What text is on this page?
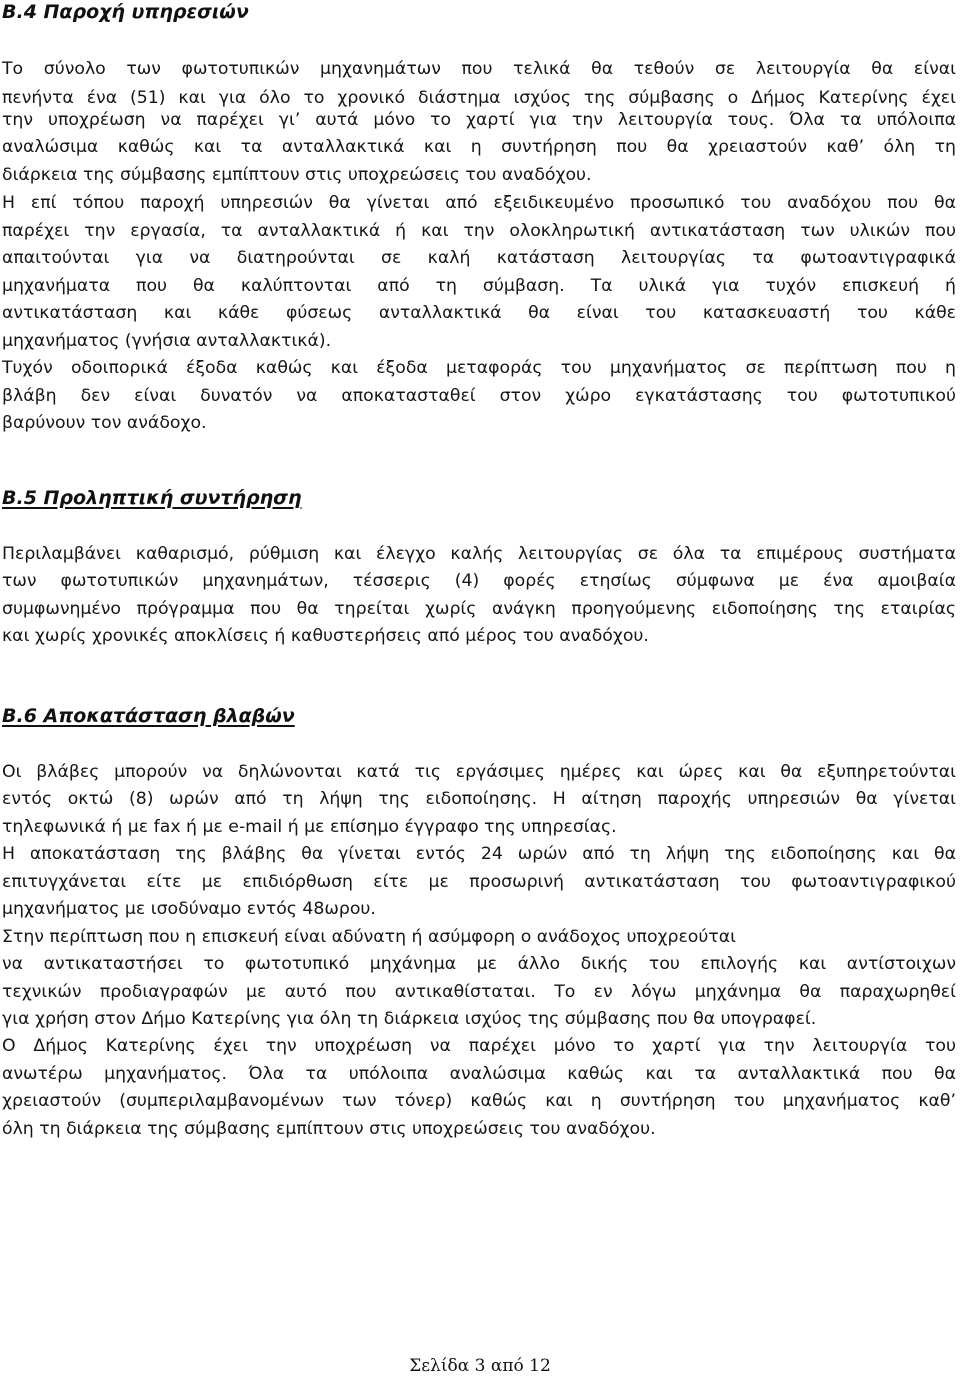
Β.4 Παροχή υπηρεσιών
Το σύνολο των φωτοτυπικών μηχανημάτων που τελικά θα τεθούν σε λειτουργία θα είναι
πενήντα ένα (51) και για όλο το χρονικό διάστημα ισχύος της σύμβασης ο Δήμος Κατερίνης έχει
την υποχρέωση να παρέχει γι’ αυτά μόνο το χαρτί για την λειτουργία τους. Όλα τα υπόλοιπα
αναλώσιμα καθώς και τα ανταλλακτικά και η συντήρηση που θα χρειαστούν καθ’ όλη τη
διάρκεια της σύμβασης εμπίπτουν στις υποχρεώσεις του αναδόχου.
Η επί τόπου παροχή υπηρεσιών θα γίνεται από εξειδικευμένο προσωπικό του αναδόχου που θα
παρέχει την εργασία, τα ανταλλακτικά ή και την ολοκληρωτική αντικατάσταση των υλικών που
απαιτούνται για να διατηρούνται σε καλή κατάσταση λειτουργίας τα φωτοαντιγραφικά
μηχανήματα που θα καλύπτονται από τη σύμβαση. Τα υλικά για τυχόν επισκευή ή
αντικατάσταση και κάθε φύσεως ανταλλακτικά θα είναι του κατασκευαστή του κάθε
μηχανήματος (γνήσια ανταλλακτικά).
Τυχόν οδοιπορικά έξοδα καθώς και έξοδα μεταφοράς του μηχανήματος σε περίπτωση που η
βλάβη δεν είναι δυνατόν να αποκατασταθεί στον χώρο εγκατάστασης του φωτοτυπικού
βαρύνουν τον ανάδοχο.
Β.5 Προληπτική συντήρηση
Περιλαμβάνει καθαρισμό, ρύθμιση και έλεγχο καλής λειτουργίας σε όλα τα επιμέρους συστήματα
των φωτοτυπικών μηχανημάτων, τέσσερις (4) φορές ετησίως σύμφωνα με ένα αμοιβαία
συμφωνημένο πρόγραμμα που θα τηρείται χωρίς ανάγκη προηγούμενης ειδοποίησης της εταιρίας
και χωρίς χρονικές αποκλίσεις ή καθυστερήσεις από μέρος του αναδόχου.
Β.6 Αποκατάσταση βλαβών
Οι βλάβες μπορούν να δηλώνονται κατά τις εργάσιμες ημέρες και ώρες και θα εξυπηρετούνται
εντός οκτώ (8) ωρών από τη λήψη της ειδοποίησης. Η αίτηση παροχής υπηρεσιών θα γίνεται
τηλεφωνικά ή με fax ή με e-mail ή με επίσημο έγγραφο της υπηρεσίας.
Η αποκατάσταση της βλάβης θα γίνεται εντός 24 ωρών από τη λήψη της ειδοποίησης και θα
επιτυγχάνεται είτε με επιδιόρθωση είτε με προσωρινή αντικατάσταση του φωτοαντιγραφικού
μηχανήματος με ισοδύναμο εντός 48ωρου.
Στην περίπτωση που η επισκευή είναι αδύνατη ή ασύμφορη ο ανάδοχος υποχρεούται
να αντικαταστήσει το φωτοτυπικό μηχάνημα με άλλο δικής του επιλογής και αντίστοιχων
τεχνικών προδιαγραφών με αυτό που αντικαθίσταται. Το εν λόγω μηχάνημα θα παραχωρηθεί
για χρήση στον Δήμο Κατερίνης για όλη τη διάρκεια ισχύος της σύμβασης που θα υπογραφεί.
Ο Δήμος Κατερίνης έχει την υποχρέωση να παρέχει μόνο το χαρτί για την λειτουργία του
ανωτέρω μηχανήματος. Όλα τα υπόλοιπα αναλώσιμα καθώς και τα ανταλλακτικά που θα
χρειαστούν (συμπεριλαμβανομένων των τόνερ) καθώς και η συντήρηση του μηχανήματος καθ’
όλη τη διάρκεια της σύμβασης εμπίπτουν στις υποχρεώσεις του αναδόχου.
Σελίδα 3 από 12
